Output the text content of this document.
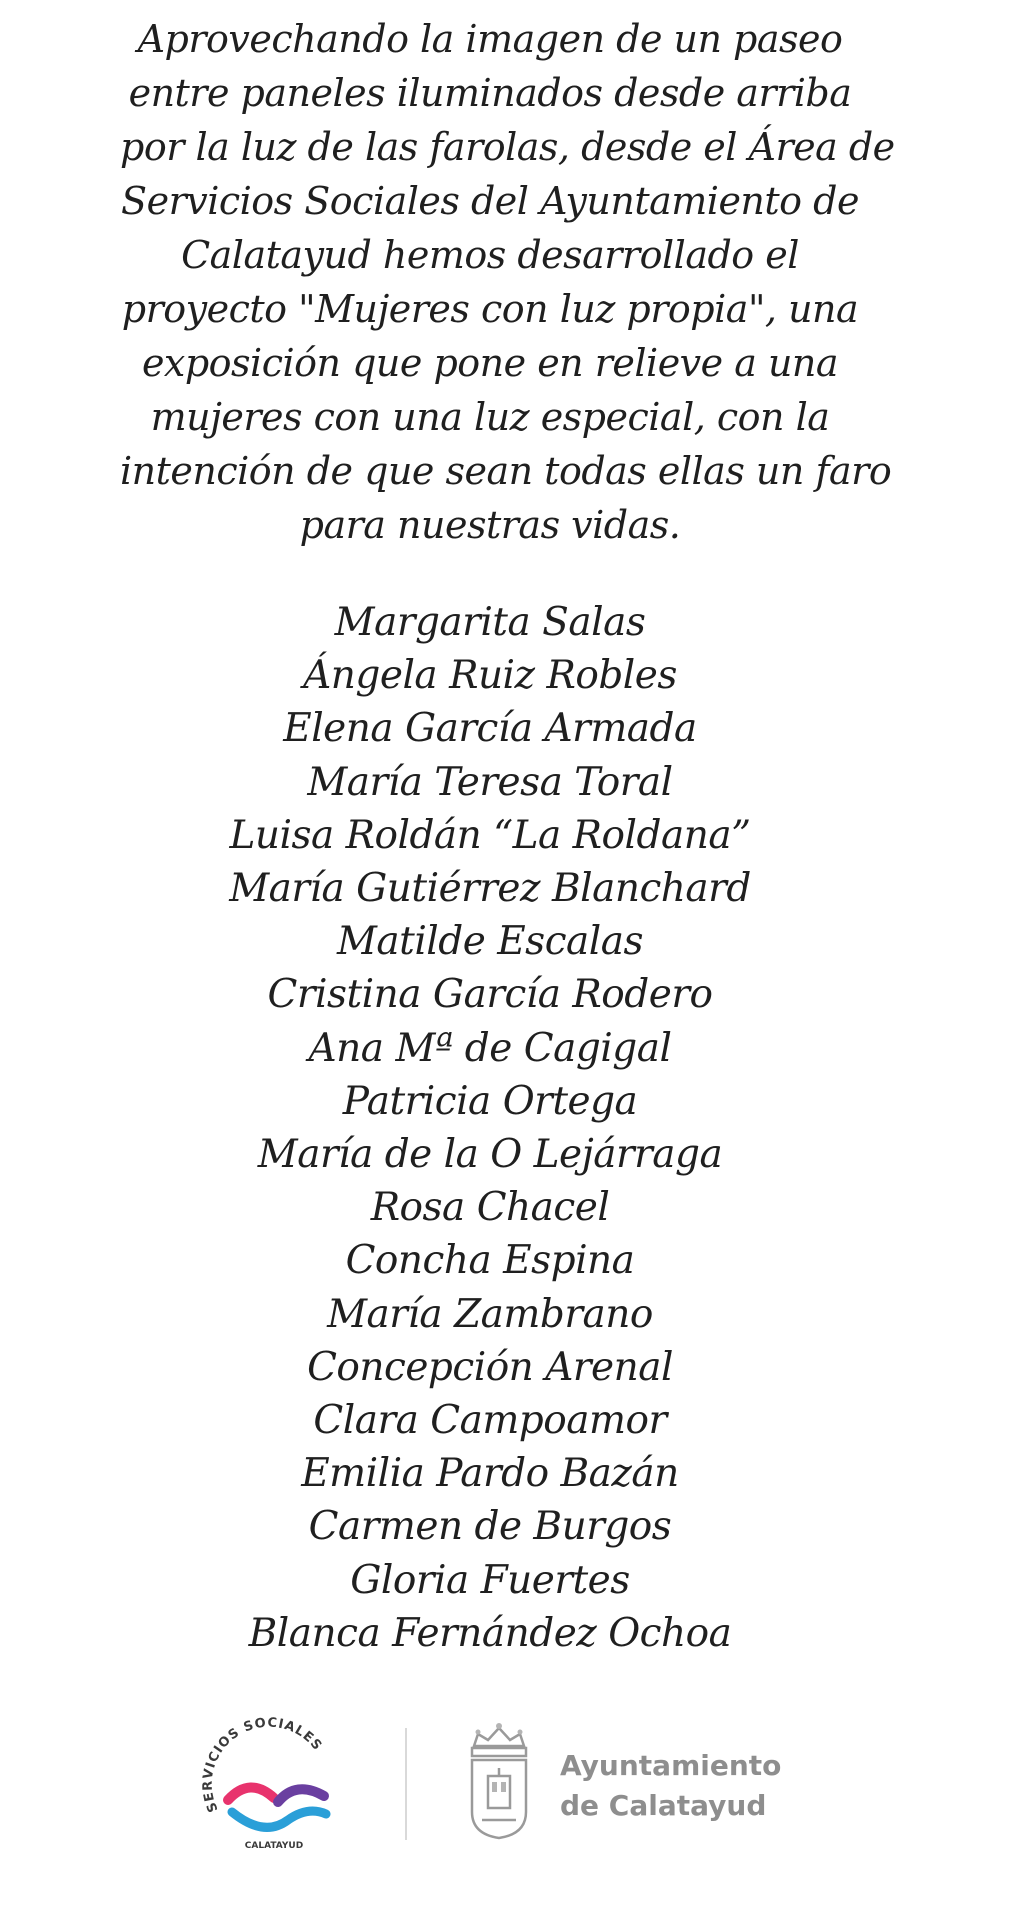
Aprovechando la imagen de un paseo
entre paneles iluminados desde arriba
por la luz de las farolas, desde el Área de
Servicios Sociales del Ayuntamiento de
Calatayud hemos desarrollado el
proyecto "Mujeres con luz propia", una
exposición que pone en relieve a una
mujeres con una luz especial, con la
intención de que sean todas ellas un faro
para nuestras vidas.

Margarita Salas
Ángela Ruiz Robles
Elena García Armada
María Teresa Toral
Luisa Roldán “La Roldana”
María Gutiérrez Blanchard
Matilde Escalas
Cristina García Rodero
Ana Mª de Cagigal
Patricia Ortega
María de la O Lejárraga
Rosa Chacel
Concha Espina
María Zambrano
Concepción Arenal
Clara Campoamor
Emilia Pardo Bazán
Carmen de Burgos
Gloria Fuertes
Blanca Fernández Ochoa
SERVICIOS SOCIALES
CALATAYUD
Ayuntamiento
de Calatayud
